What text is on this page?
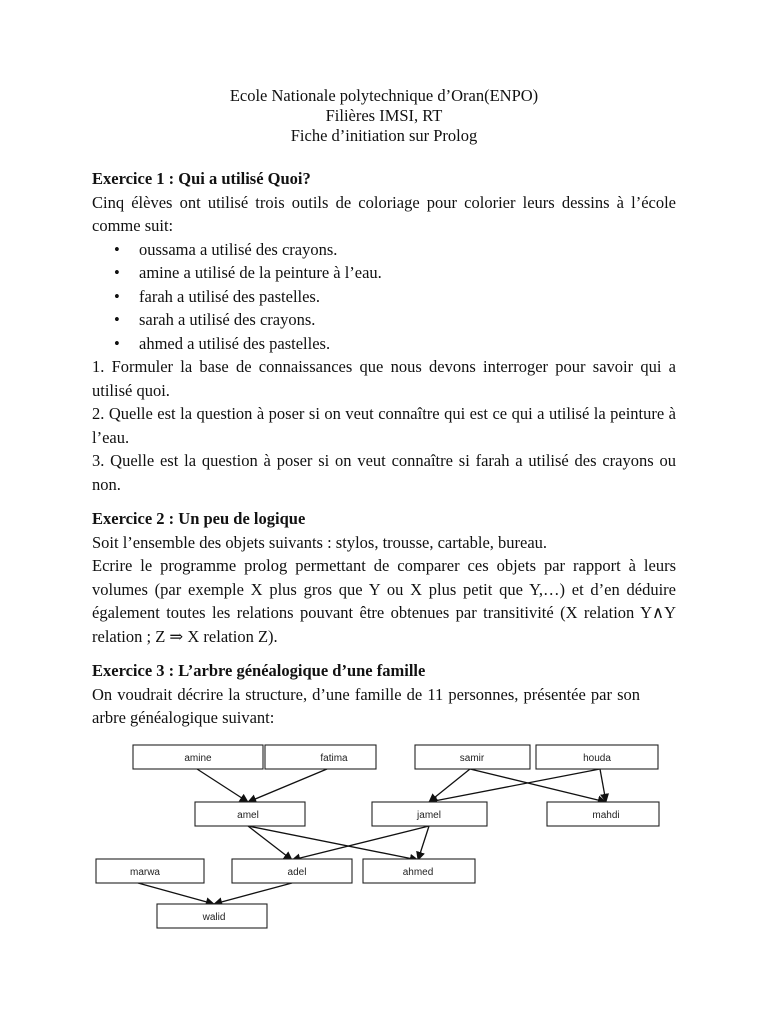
Ecole Nationale polytechnique d’Oran(ENPO)
Filières IMSI, RT
Fiche d’initiation sur Prolog

Exercice 1 : Qui a utilisé Quoi?

Cinq élèves ont utilisé trois outils de coloriage pour colorier leurs dessins à l’école comme suit:

• oussama a utilisé des crayons.
• amine a utilisé de la peinture à l’eau.
• farah a utilisé des pastelles.
• sarah a utilisé des crayons.
• ahmed a utilisé des pastelles.

1. Formuler la base de connaissances que nous devons interroger pour savoir qui a utilisé quoi.

2. Quelle est la question à poser si on veut connaître qui est ce qui a utilisé la peinture à l’eau.

3. Quelle est la question à poser si on veut connaître si farah a utilisé des crayons ou non.

Exercice 2 : Un peu de logique

Soit l’ensemble des objets suivants : stylos, trousse, cartable, bureau.

Ecrire le programme prolog permettant de comparer ces objets par rapport à leurs volumes (par exemple X plus gros que Y ou X plus petit que Y,…) et d’en déduire également toutes les relations pouvant être obtenues par transitivité (X relation Y∧Y relation ; Z ⇒ X relation Z).

Exercice 3 : L’arbre généalogique d’une famille

On voudrait décrire la structure, d’une famille de 11 personnes, présentée par son arbre généalogique suivant:

amine	fatima	samir	houda
amel	jamel	mahdi
marwa	adel	ahmed
walid
